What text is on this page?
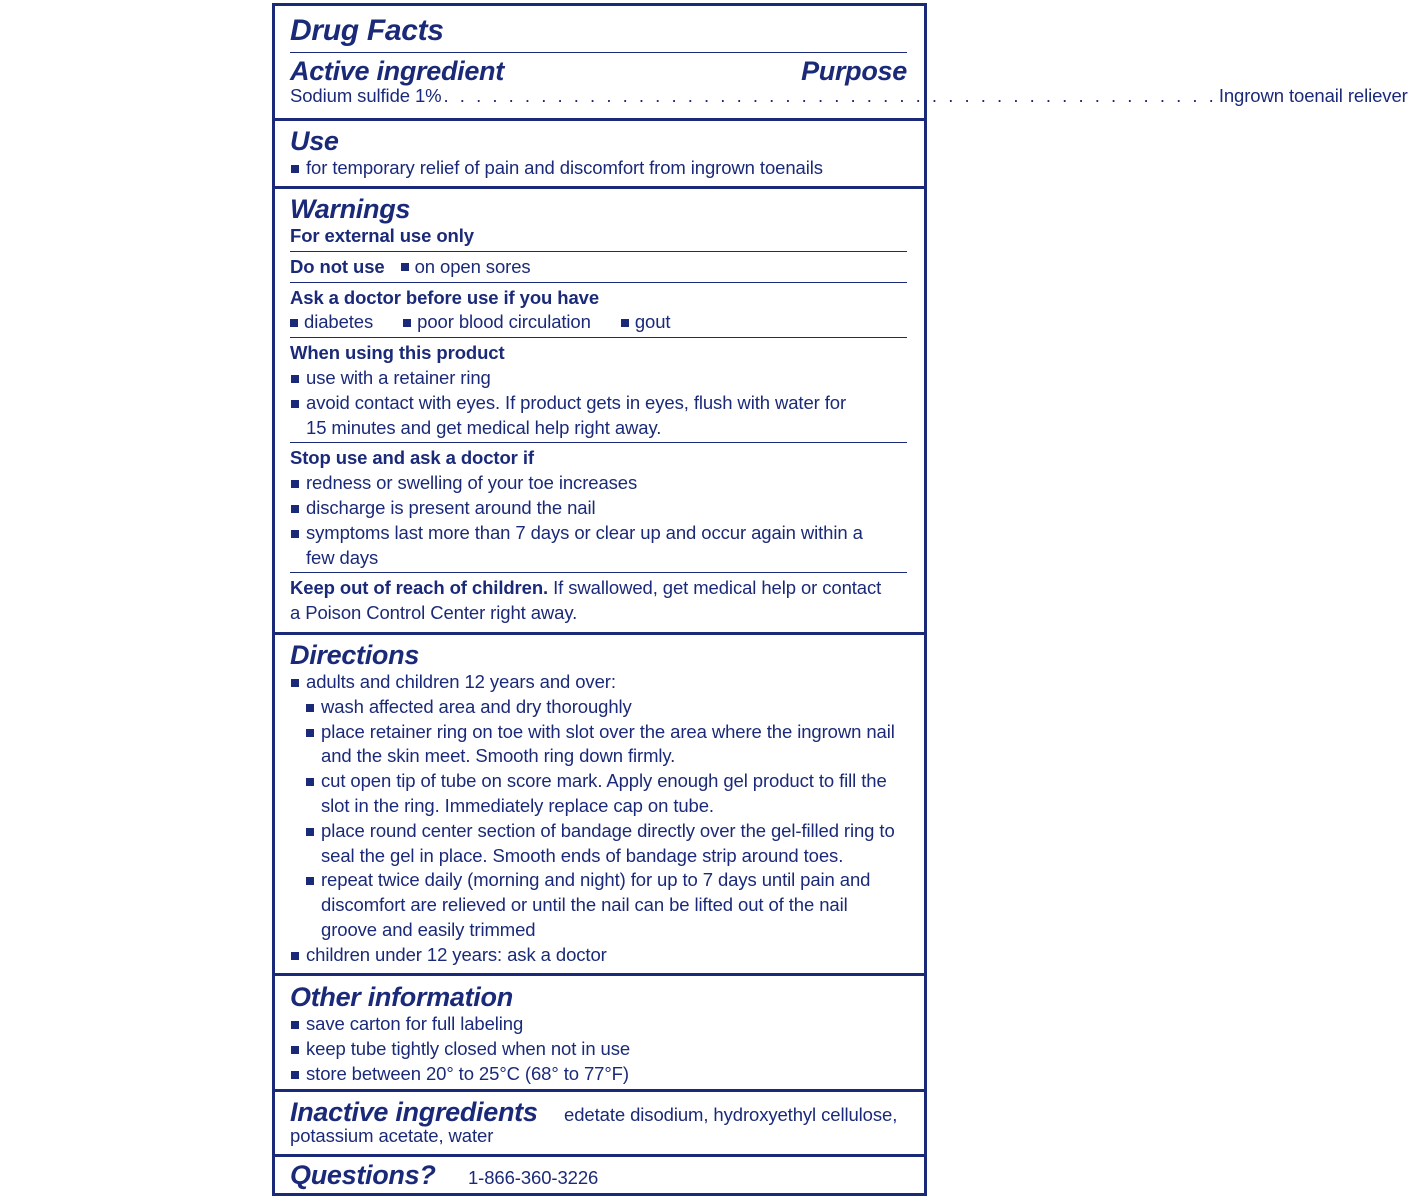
Drug Facts
Active ingredient	Purpose
Sodium sulfide 1% . . . . . . . . . . . . . . . . . . . . . . . . . . . . . . . . . . . . . . . . . . . . . . . . Ingrown toenail reliever
Use
for temporary relief of pain and discomfort from ingrown toenails
Warnings
For external use only
Do not use on open sores
Ask a doctor before use if you have
diabetes poor blood circulation gout
When using this product
use with a retainer ring
avoid contact with eyes. If product gets in eyes, flush with water for
15 minutes and get medical help right away.
Stop use and ask a doctor if
redness or swelling of your toe increases
discharge is present around the nail
symptoms last more than 7 days or clear up and occur again within a
few days
Keep out of reach of children. If swallowed, get medical help or contact
a Poison Control Center right away.
Directions
adults and children 12 years and over:
wash affected area and dry thoroughly
place retainer ring on toe with slot over the area where the ingrown nail
and the skin meet. Smooth ring down firmly.
cut open tip of tube on score mark. Apply enough gel product to fill the
slot in the ring. Immediately replace cap on tube.
place round center section of bandage directly over the gel-filled ring to
seal the gel in place. Smooth ends of bandage strip around toes.
repeat twice daily (morning and night) for up to 7 days until pain and
discomfort are relieved or until the nail can be lifted out of the nail
groove and easily trimmed
children under 12 years: ask a doctor
Other information
save carton for full labeling
keep tube tightly closed when not in use
store between 20° to 25°C (68° to 77°F)
Inactive ingredients edetate disodium, hydroxyethyl cellulose,
potassium acetate, water
Questions? 1-866-360-3226
